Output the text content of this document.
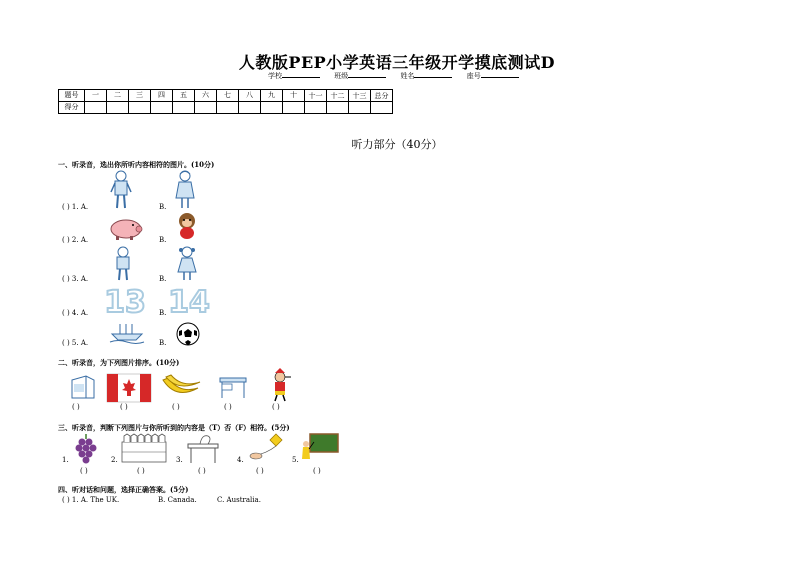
人教版PEP小学英语三年级开学摸底测试D
学校	班级	姓名	座号
题号	一	二	三	四	五	六	七	八	九	十	十一	十二	十三	总分
得分														
听力部分（40分）
一、听录音，选出你所听内容相符的图片。(10分)
( ) 1. A.	B.
( ) 2. A.	B.
( ) 3. A.	B.
13 14
( ) 4. A.	B.
( ) 5. A.	B.
二、听录音，为下列图片排序。(10分)
( )	( )	( )	( )	( )
三、听录音，判断下列图片与你所听到的内容是（T）否（F）相符。(5分)
1.	2.	3.	4.	5.
( )	( )	( )	( )	( )
四、听对话和问题，选择正确答案。(5分)
( ) 1. A. The UK.	B. Canada.	C. Australia.
